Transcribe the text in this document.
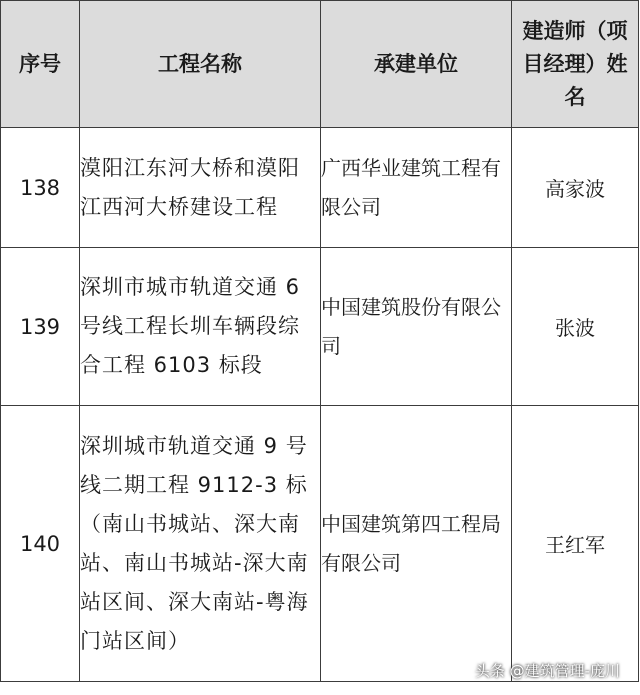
序号	工程名称	承建单位	建造师（项目经理）姓名

138	漠阳江东河大桥和漠阳江西河大桥建设工程	广西华业建筑工程有限公司	高家波
139	深圳市城市轨道交通 6 号线工程长圳车辆段综合工程 6103 标段	中国建筑股份有限公司	张波
140	深圳城市轨道交通 9 号线二期工程 9112-3 标（南山书城站、深大南站、南山书城站-深大南站区间、深大南站-粤海门站区间）	中国建筑第四工程局有限公司	王红军
头条 @建筑管理-庞川
